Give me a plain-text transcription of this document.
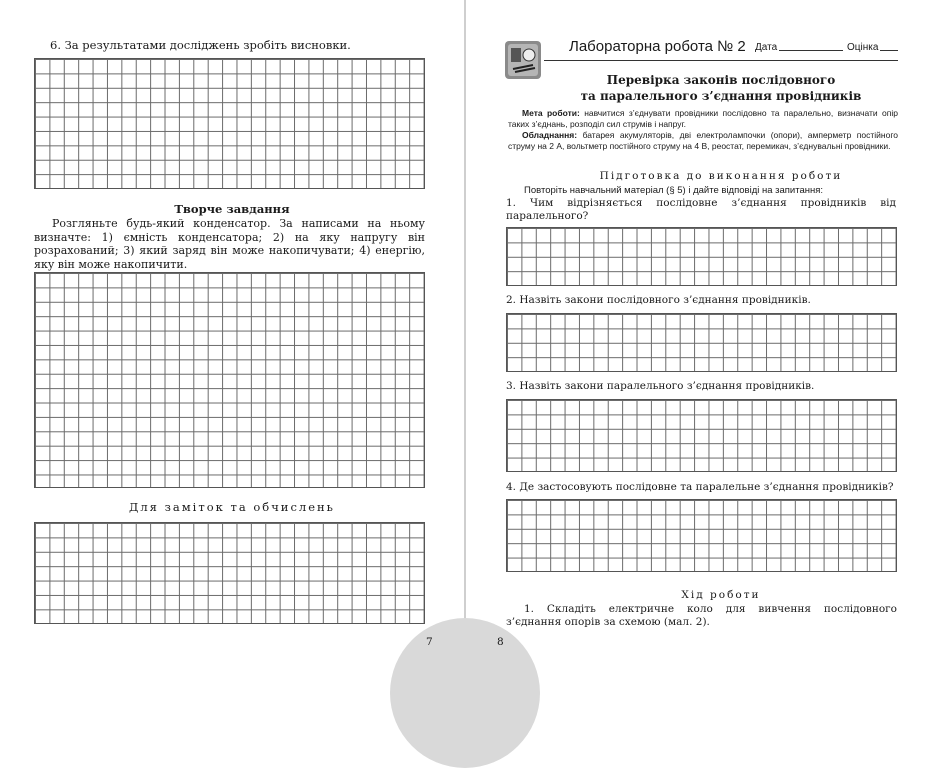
6. За результатами досліджень зробіть висновки.
Творче завдання
Розгляньте будь-який конденсатор. За написами на ньому визначте: 1) ємність конденсатора; 2) на яку напругу він розрахований; 3) який заряд він може накопичувати; 4) енергію, яку він може накопичити.
Для заміток та обчислень
Лабораторна робота № 2 Дата	Оцінка
Перевірка законів послідовного
та паралельного з’єднання провідників
Мета роботи: навчитися з’єднувати провідники послідовно та паралельно, визначати опір таких з’єднань, розподіл сил струмів і напруг.
Обладнання: батарея акумуляторів, дві електролампочки (опори), амперметр постійного струму на 2 А, вольтметр постійного струму на 4 В, реостат, перемикач, з’єднувальні провідники.
Підготовка до виконання роботи
Повторіть навчальний матеріал (§ 5) і дайте відповіді на запитання:
1. Чим відрізняється послідовне з’єднання провідників від паралельного?
2. Назвіть закони послідовного з’єднання провідників.
3. Назвіть закони паралельного з’єднання провідників.
4. Де застосовують послідовне та паралельне з’єднання провідників?
Хід роботи
1. Складіть електричне коло для вивчення послідовного з’єднання опорів за схемою (мал. 2).
7	8
